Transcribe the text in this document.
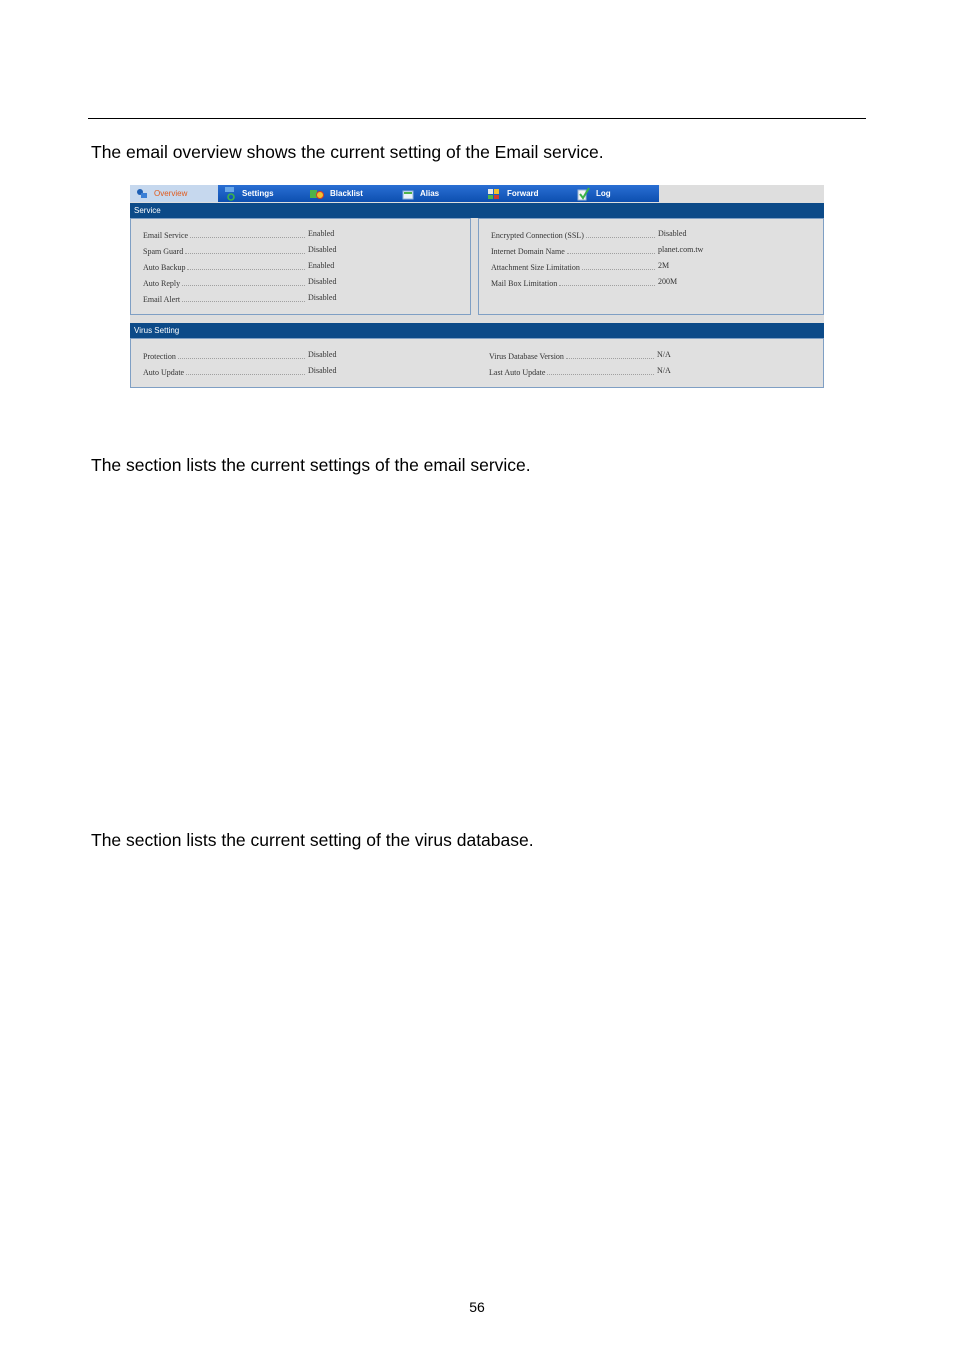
The email overview shows the current setting of the Email service.
Overview	Settings	Blacklist	Alias	Forward	Log
Service
Email Service	Enabled
Spam Guard	Disabled
Auto Backup	Enabled
Auto Reply	Disabled
Email Alert	Disabled
Encrypted Connection (SSL)	Disabled
Internet Domain Name	planet.com.tw
Attachment Size Limitation	2M
Mail Box Limitation	200M
Virus Setting
Protection	Disabled
Auto Update	Disabled
Virus Database Version	N/A
Last Auto Update	N/A
The section lists the current settings of the email service.
The section lists the current setting of the virus database.
56
